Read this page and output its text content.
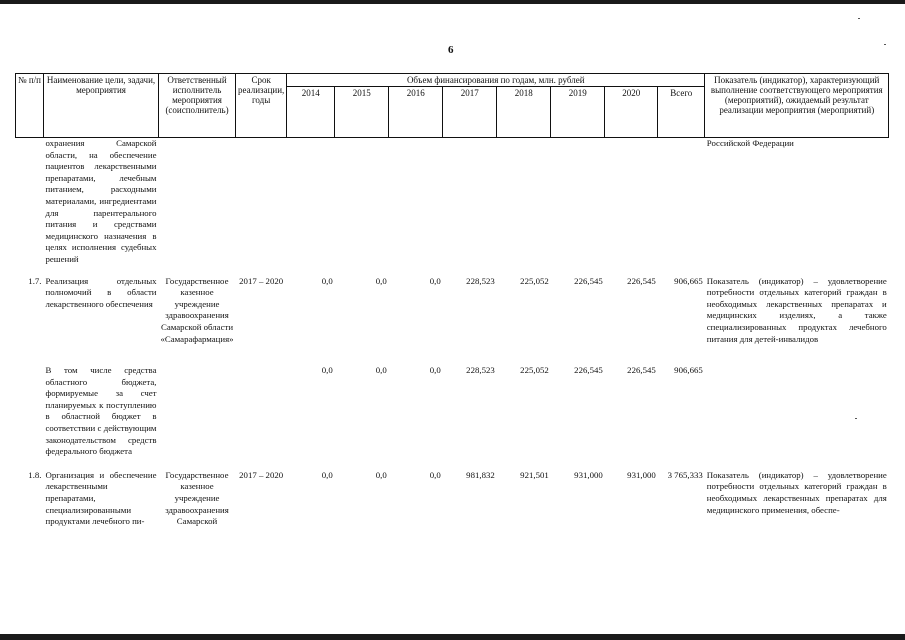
6
№ п/п	Наименование цели, задачи, мероприятия	Ответственный исполнитель мероприятия (соисполнитель)	Срок реализации, годы	Объем финансирования по годам, млн. рублей								Показатель (индикатор), характеризующий выполнение соответствующего мероприятия (мероприятий), ожидаемый результат реализации мероприятия (мероприятий)
				2014	2015	2016	2017	2018	2019	2020	Всего	
	охранения Самарской области, на обеспечение пациентов лекарственными препаратами, лечебным питанием, расходными материалами, ингредиентами для парентерального питания и средствами медицинского назначения в целях исполнения судебных решений											Российской Федерации
1.7.	Реализация отдельных полномочий в области лекарственного обеспечения	Государственное казенное учреждение здравоохранения Самарской области «Самарафармация»	2017 – 2020	0,0	0,0	0,0	228,523	225,052	226,545	226,545	906,665	Показатель (индикатор) – удовлетворение потребности отдельных категорий граждан в необходимых лекарственных препаратах и медицинских изделиях, а также специализированных продуктах лечебного питания для детей-инвалидов
	В том числе средства областного бюджета, формируемые за счет планируемых к поступлению в областной бюджет в соответствии с действующим законодательством средств федерального бюджета			0,0	0,0	0,0	228,523	225,052	226,545	226,545	906,665	
1.8.	Организация и обеспечение лекарственными препаратами, специализированными продуктами лечебного пи-	Государственное казенное учреждение здравоохранения Самарской	2017 – 2020	0,0	0,0	0,0	981,832	921,501	931,000	931,000	3 765,333	Показатель (индикатор) – удовлетворение потребности отдельных категорий граждан в необходимых лекарственных препаратах для медицинского применения, обеспе-
